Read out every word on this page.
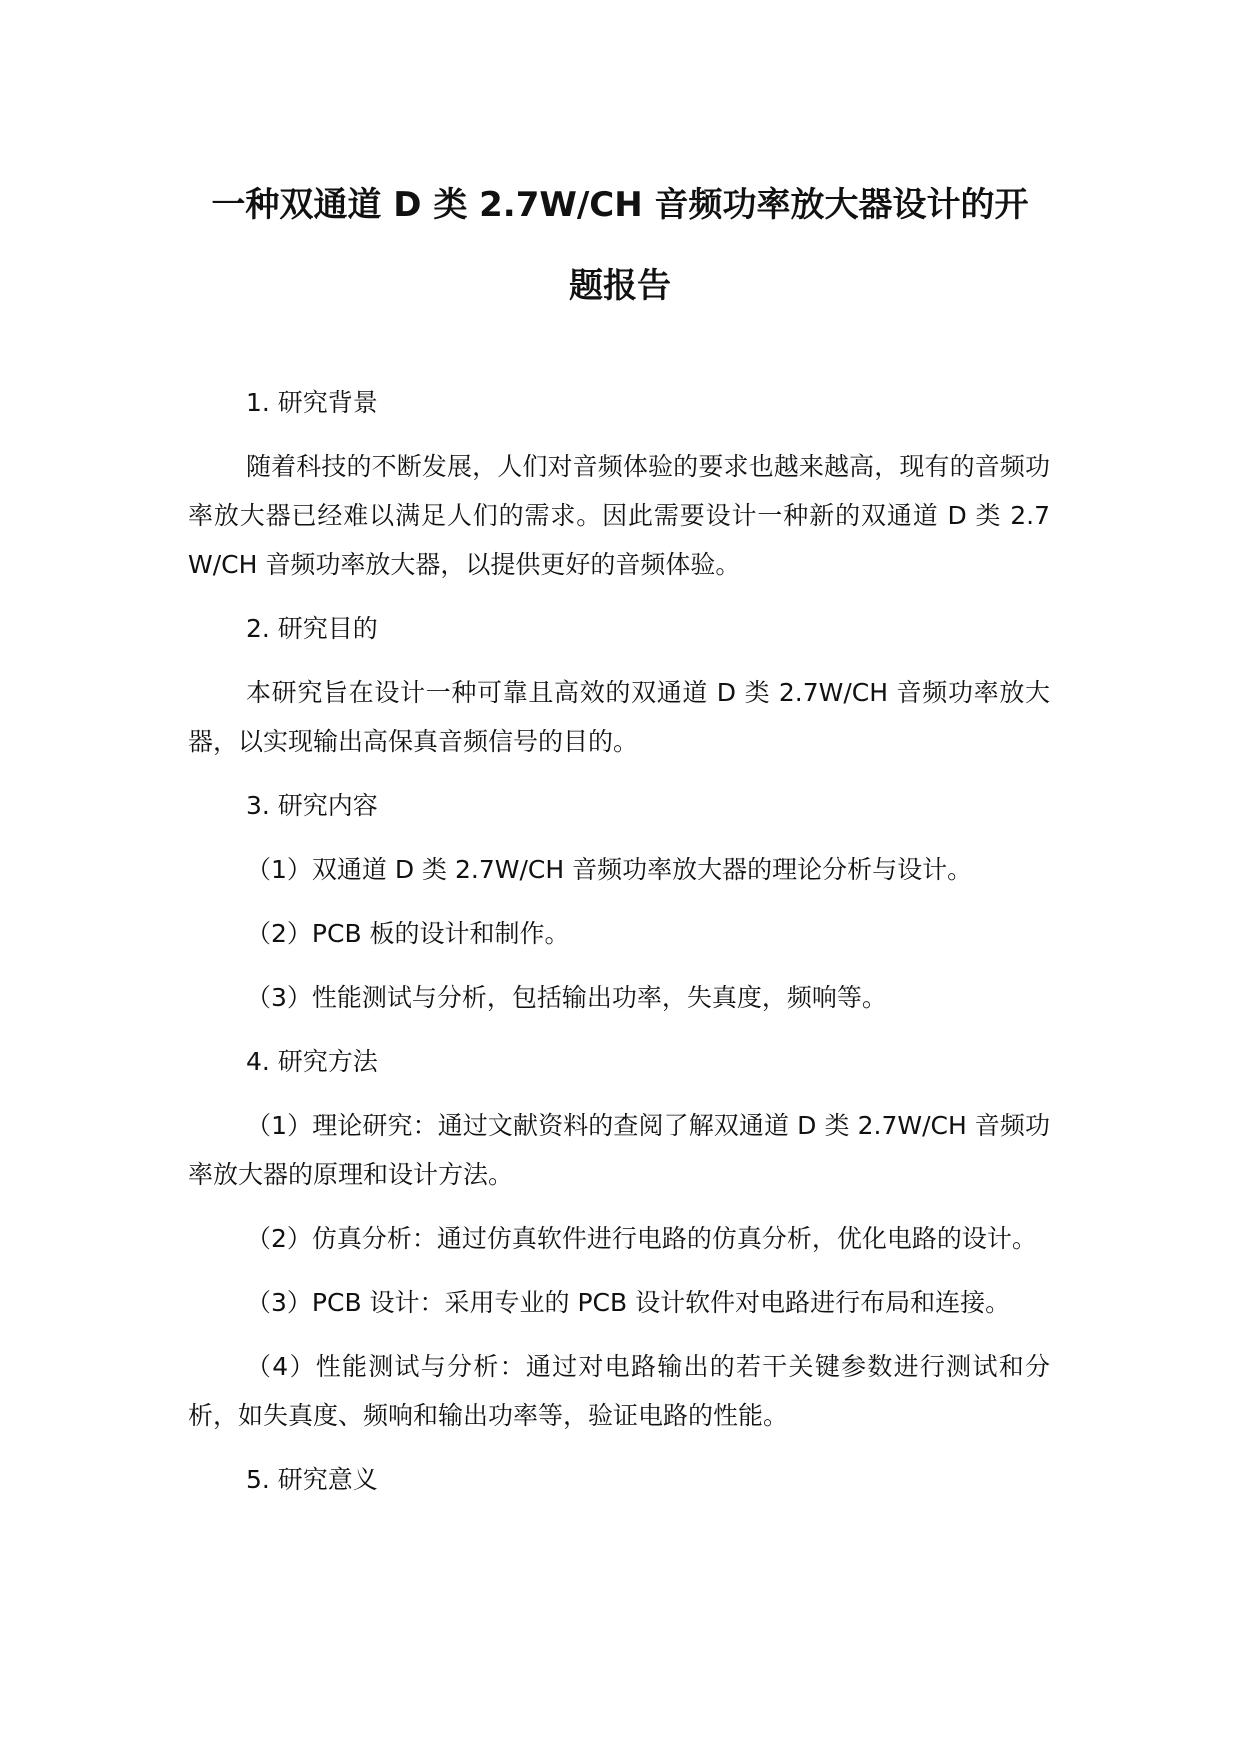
一种双通道 D 类 2.7W/CH 音频功率放大器设计的开
题报告

1. 研究背景

随着科技的不断发展，人们对音频体验的要求也越来越高，现有的音频功率放大器已经难以满足人们的需求。因此需要设计一种新的双通道 D 类 2.7W/CH 音频功率放大器，以提供更好的音频体验。

2. 研究目的

本研究旨在设计一种可靠且高效的双通道 D 类 2.7W/CH 音频功率放大器，以实现输出高保真音频信号的目的。

3. 研究内容

（1）双通道 D 类 2.7W/CH 音频功率放大器的理论分析与设计。

（2）PCB 板的设计和制作。

（3）性能测试与分析，包括输出功率，失真度，频响等。

4. 研究方法

（1）理论研究：通过文献资料的查阅了解双通道 D 类 2.7W/CH 音频功率放大器的原理和设计方法。

（2）仿真分析：通过仿真软件进行电路的仿真分析，优化电路的设计。

（3）PCB 设计：采用专业的 PCB 设计软件对电路进行布局和连接。

（4）性能测试与分析：通过对电路输出的若干关键参数进行测试和分析，如失真度、频响和输出功率等，验证电路的性能。

5. 研究意义
